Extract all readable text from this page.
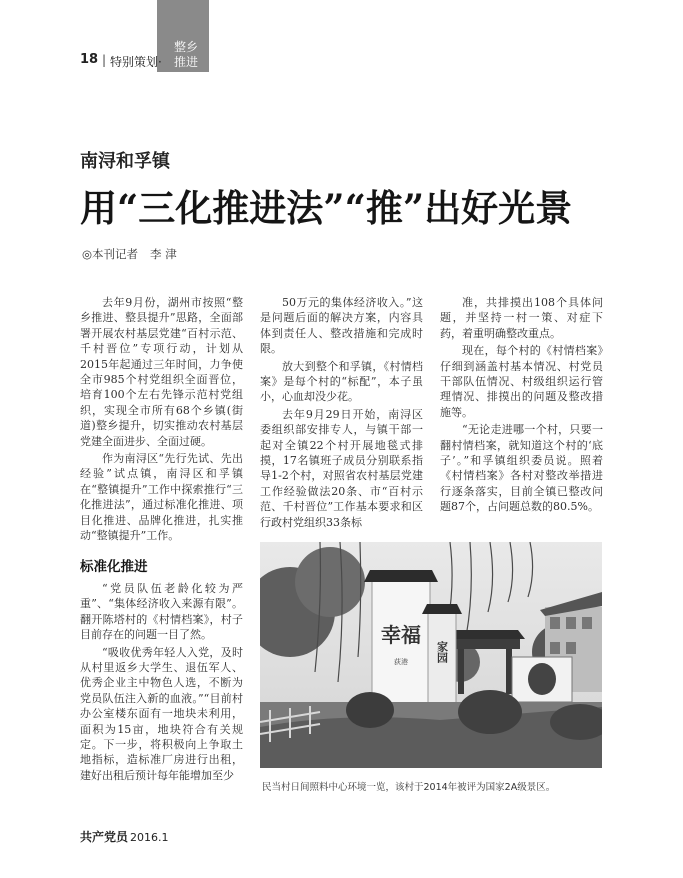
整乡
推进
18 | 特别策划·
南浔和孚镇
用“三化推进法”“推”出好光景
◎本刊记者 李 津

去年9月份，湖州市按照“整乡推进、整县提升”思路，全面部署开展农村基层党建“百村示范、千村晋位”专项行动，计划从2015年起通过三年时间，力争使全市985个村党组织全面晋位，培育100个左右先锋示范村党组织，实现全市所有68个乡镇(街道)整乡提升，切实推动农村基层党建全面进步、全面过硬。

作为南浔区“先行先试、先出经验”试点镇，南浔区和孚镇在“整镇提升”工作中探索推行“三化推进法”，通过标准化推进、项目化推进、品牌化推进，扎实推动“整镇提升”工作。

标准化推进

“党员队伍老龄化较为严重”、“集体经济收入来源有限”。翻开陈塔村的《村情档案》，村子目前存在的问题一目了然。

“吸收优秀年轻人入党，及时从村里返乡大学生、退伍军人、优秀企业主中物色人选，不断为党员队伍注入新的血液。”“目前村办公室楼东面有一地块未利用，面积为15亩，地块符合有关规定。下一步，将积极向上争取土地指标，造标准厂房进行出租，建好出租后预计每年能增加至少

50万元的集体经济收入。”这是问题后面的解决方案，内容具体到责任人、整改措施和完成时限。

放大到整个和孚镇，《村情档案》是每个村的“标配”，本子虽小，心血却没少花。

去年9月29日开始，南浔区委组织部安排专人，与镇干部一起对全镇22个村开展地毯式排摸，17名镇班子成员分别联系指导1-2个村，对照省农村基层党建工作经验做法20条、市“百村示范、千村晋位”工作基本要求和区行政村党组织33条标

准，共排摸出108个具体问题，并坚持一村一策、对症下药，着重明确整改重点。

现在，每个村的《村情档案》仔细到涵盖村基本情况、村党员干部队伍情况、村级组织运行管理情况、排摸出的问题及整改措施等。

“无论走进哪一个村，只要一翻村情档案，就知道这个村的‘底子’。”和孚镇组织委员说。照着《村情档案》各村对整改举措进行逐条落实，目前全镇已整改问题87个，占问题总数的80.5%。

幸福
家园
荻港
民当村日间照料中心环境一览，该村于2014年被评为国家2A级景区。
共产党员 2016.1
